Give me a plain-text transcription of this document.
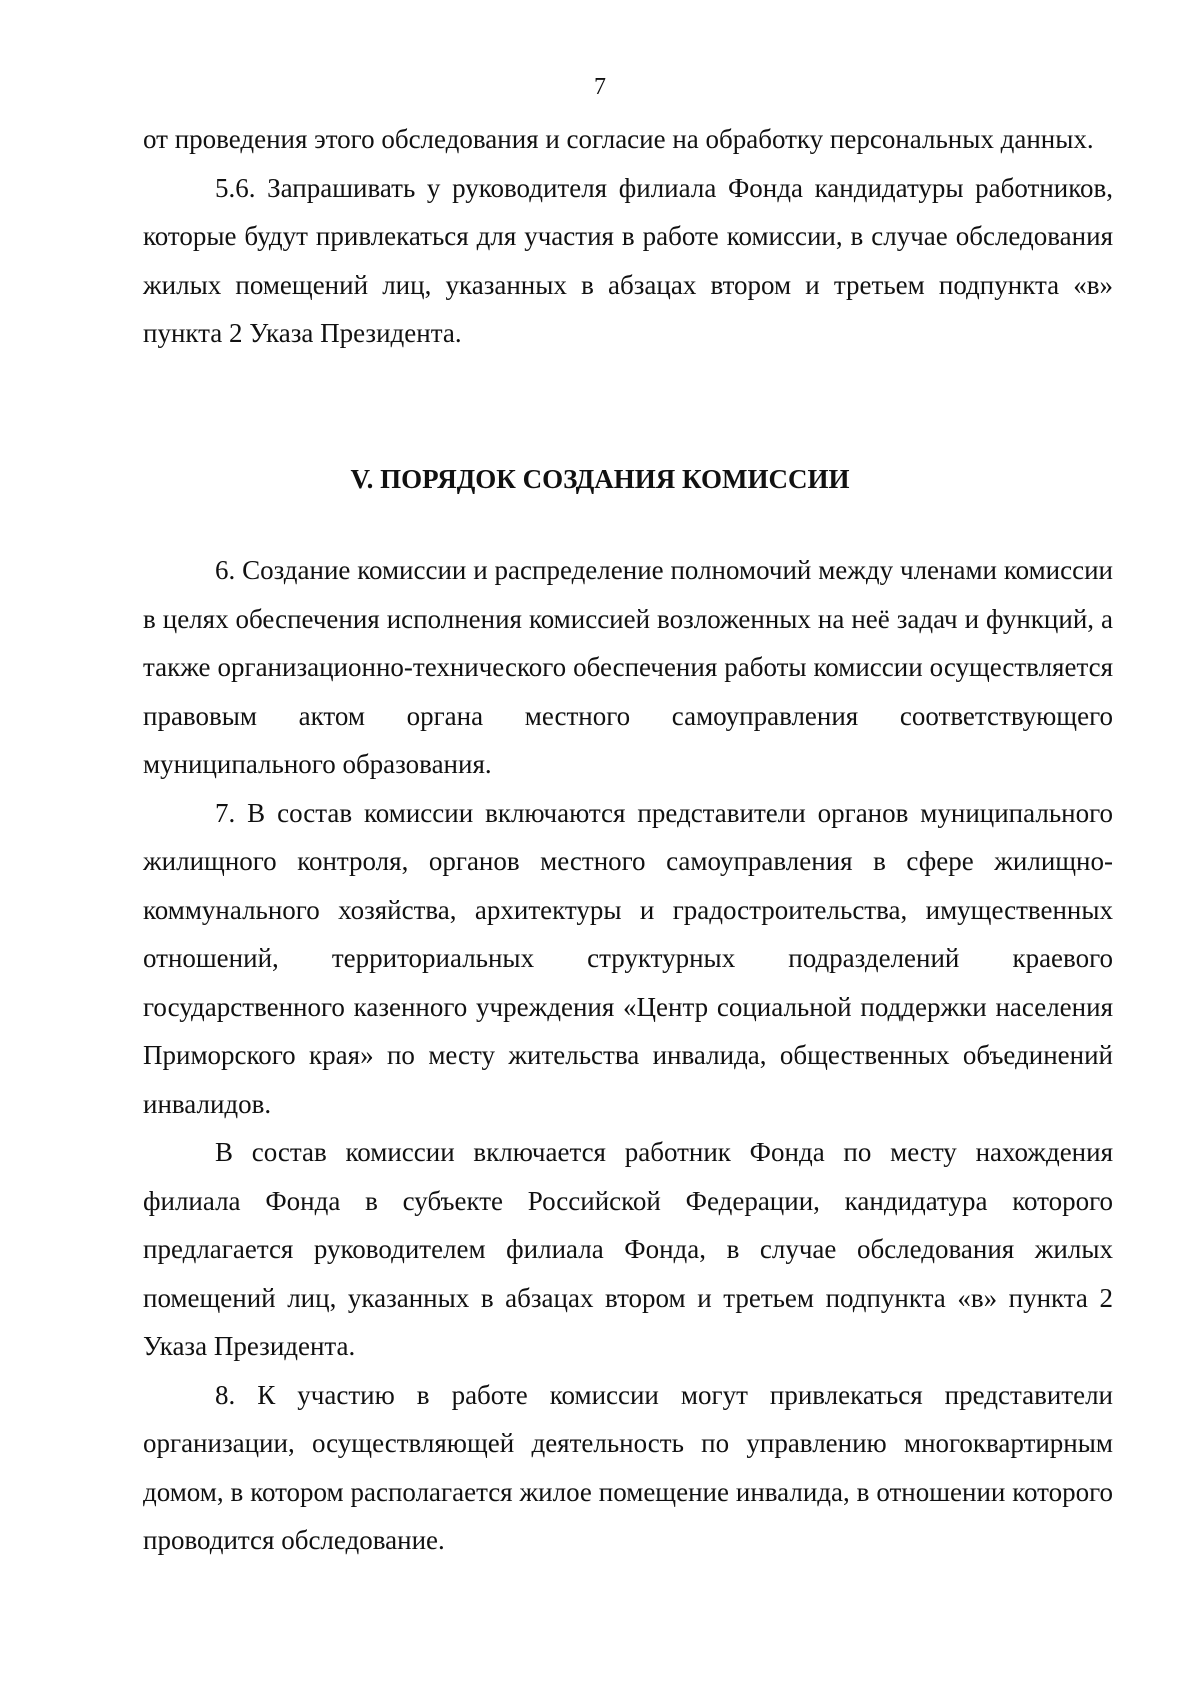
7

от проведения этого обследования и согласие на обработку персональных данных.

5.6. Запрашивать у руководителя филиала Фонда кандидатуры работников, которые будут привлекаться для участия в работе комиссии, в случае обследования жилых помещений лиц, указанных в абзацах втором и третьем подпункта «в» пункта 2 Указа Президента.

V. ПОРЯДОК СОЗДАНИЯ КОМИССИИ

6. Создание комиссии и распределение полномочий между членами комиссии в целях обеспечения исполнения комиссией возложенных на неё задач и функций, а также организационно-технического обеспечения работы комиссии осуществляется правовым актом органа местного самоуправления соответствующего муниципального образования.

7. В состав комиссии включаются представители органов муниципального жилищного контроля, органов местного самоуправления в сфере жилищно-коммунального хозяйства, архитектуры и градостроительства, имущественных отношений, территориальных структурных подразделений краевого государственного казенного учреждения «Центр социальной поддержки населения Приморского края» по месту жительства инвалида, общественных объединений инвалидов.

В состав комиссии включается работник Фонда по месту нахождения филиала Фонда в субъекте Российской Федерации, кандидатура которого предлагается руководителем филиала Фонда, в случае обследования жилых помещений лиц, указанных в абзацах втором и третьем подпункта «в» пункта 2 Указа Президента.

8. К участию в работе комиссии могут привлекаться представители организации, осуществляющей деятельность по управлению многоквартирным домом, в котором располагается жилое помещение инвалида, в отношении которого проводится обследование.
